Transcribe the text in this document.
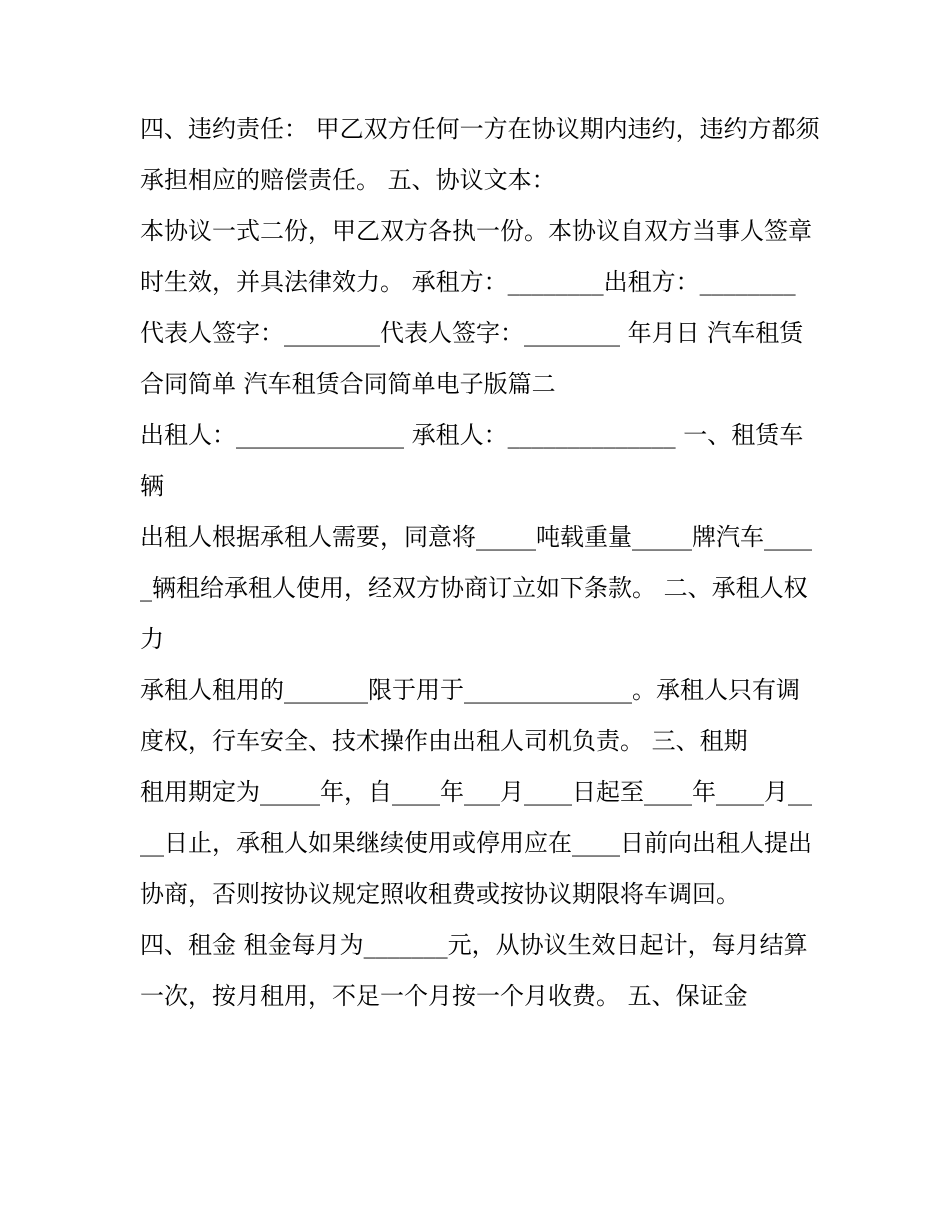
四、违约责任： 甲乙双方任何一方在协议期内违约，违约方都须承担相应的赔偿责任。 五、协议文本：

本协议一式二份，甲乙双方各执一份。本协议自双方当事人签章时生效，并具法律效力。 承租方：________出租方：________

代表人签字：________代表人签字：________ 年月日 汽车租赁合同简单 汽车租赁合同简单电子版篇二

出租人：______________ 承租人：______________ 一、租赁车辆

出租人根据承租人需要，同意将_____吨载重量_____牌汽车_____辆租给承租人使用，经双方协商订立如下条款。 二、承租人权力

承租人租用的_______限于用于______________。承租人只有调度权，行车安全、技术操作由出租人司机负责。 三、租期

租用期定为_____年，自____年___月____日起至____年____月____日止，承租人如果继续使用或停用应在____日前向出租人提出协商，否则按协议规定照收租费或按协议期限将车调回。

四、租金 租金每月为_______元，从协议生效日起计，每月结算一次，按月租用，不足一个月按一个月收费。 五、保证金
